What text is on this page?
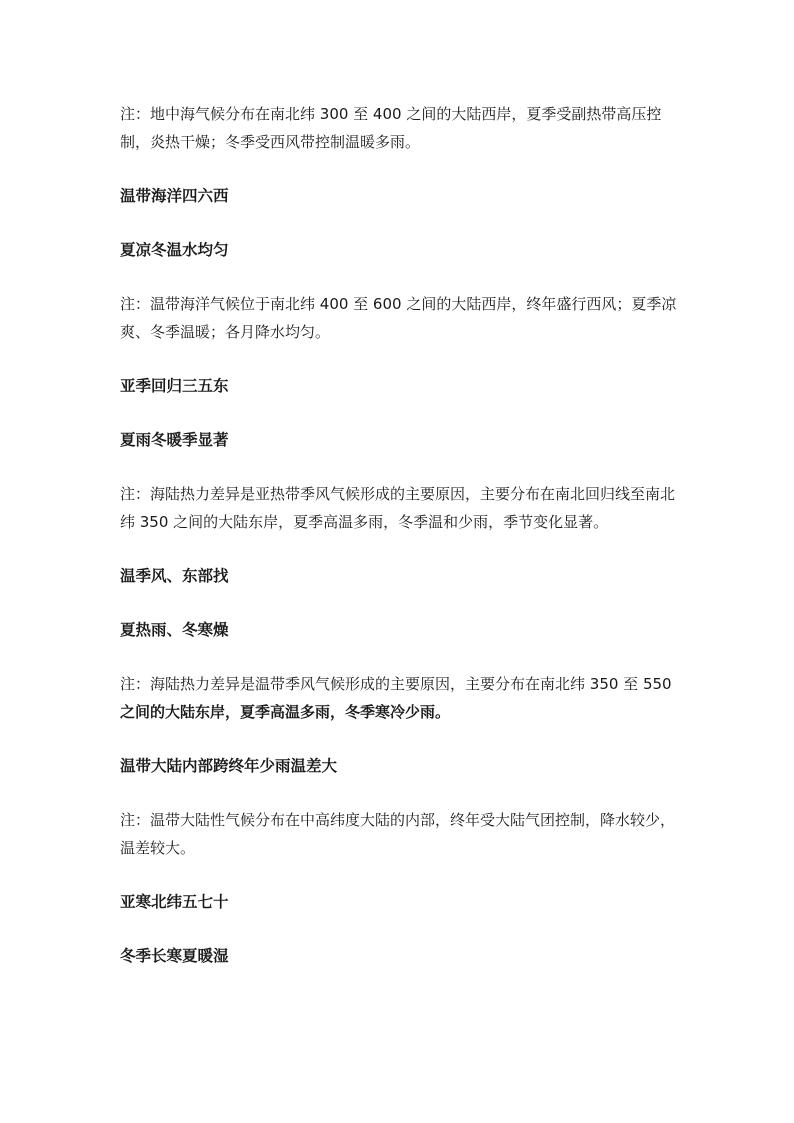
注：地中海气候分布在南北纬 300 至 400 之间的大陆西岸，夏季受副热带高压控制，炎热干燥；冬季受西风带控制温暖多雨。

温带海洋四六西

夏凉冬温水均匀

注：温带海洋气候位于南北纬 400 至 600 之间的大陆西岸，终年盛行西风；夏季凉爽、冬季温暖；各月降水均匀。

亚季回归三五东

夏雨冬暖季显著

注：海陆热力差异是亚热带季风气候形成的主要原因，主要分布在南北回归线至南北纬 350 之间的大陆东岸，夏季高温多雨，冬季温和少雨，季节变化显著。

温季风、东部找

夏热雨、冬寒燥

注：海陆热力差异是温带季风气候形成的主要原因，主要分布在南北纬 350 至 550之间的大陆东岸，夏季高温多雨，冬季寒冷少雨。

温带大陆内部跨终年少雨温差大

注：温带大陆性气候分布在中高纬度大陆的内部，终年受大陆气团控制，降水较少，温差较大。

亚寒北纬五七十

冬季长寒夏暖湿
